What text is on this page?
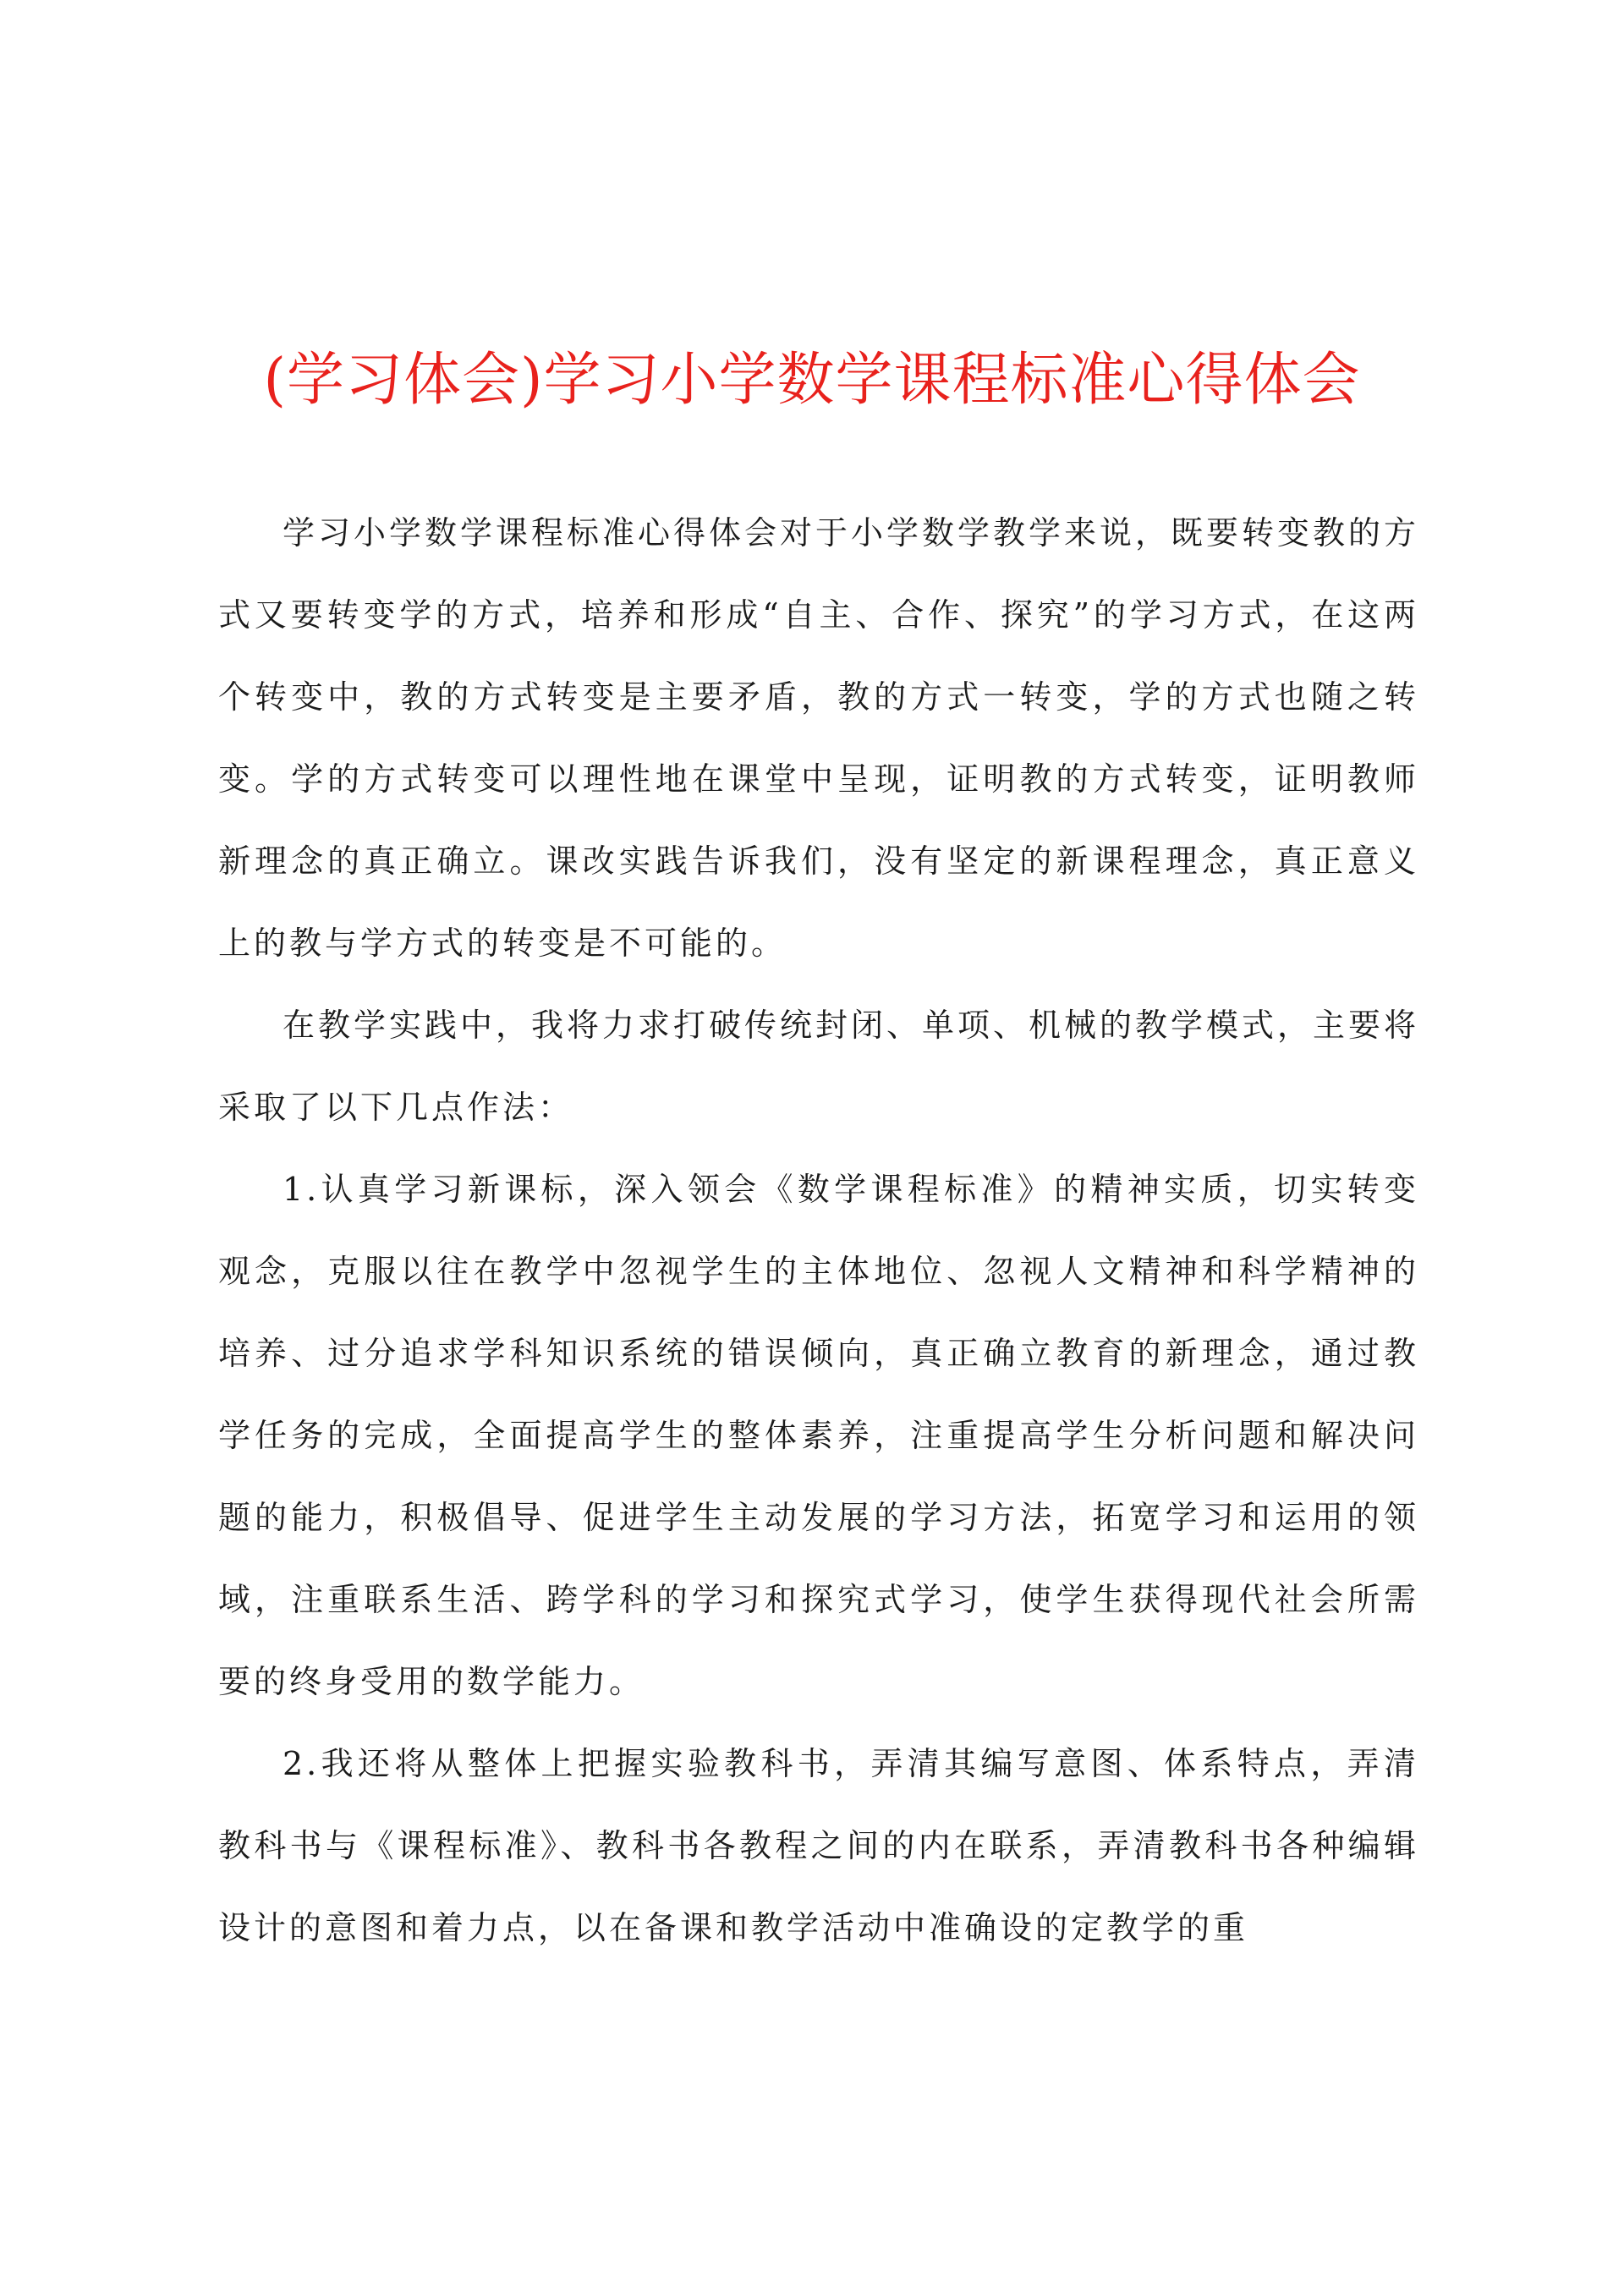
(学习体会)学习小学数学课程标准心得体会

学习小学数学课程标准心得体会对于小学数学教学来说，既要转变教的方式又要转变学的方式，培养和形成“自主、合作、探究”的学习方式，在这两个转变中，教的方式转变是主要矛盾，教的方式一转变，学的方式也随之转变。学的方式转变可以理性地在课堂中呈现，证明教的方式转变，证明教师新理念的真正确立。课改实践告诉我们，没有坚定的新课程理念，真正意义上的教与学方式的转变是不可能的。

在教学实践中，我将力求打破传统封闭、单项、机械的教学模式，主要将采取了以下几点作法：

1.认真学习新课标，深入领会《数学课程标准》的精神实质，切实转变观念，克服以往在教学中忽视学生的主体地位、忽视人文精神和科学精神的培养、过分追求学科知识系统的错误倾向，真正确立教育的新理念，通过教学任务的完成，全面提高学生的整体素养，注重提高学生分析问题和解决问题的能力，积极倡导、促进学生主动发展的学习方法，拓宽学习和运用的领域，注重联系生活、跨学科的学习和探究式学习，使学生获得现代社会所需要的终身受用的数学能力。

2.我还将从整体上把握实验教科书，弄清其编写意图、体系特点，弄清教科书与《课程标准》、教科书各教程之间的内在联系，弄清教科书各种编辑设计的意图和着力点，以在备课和教学活动中准确设的定教学的重
